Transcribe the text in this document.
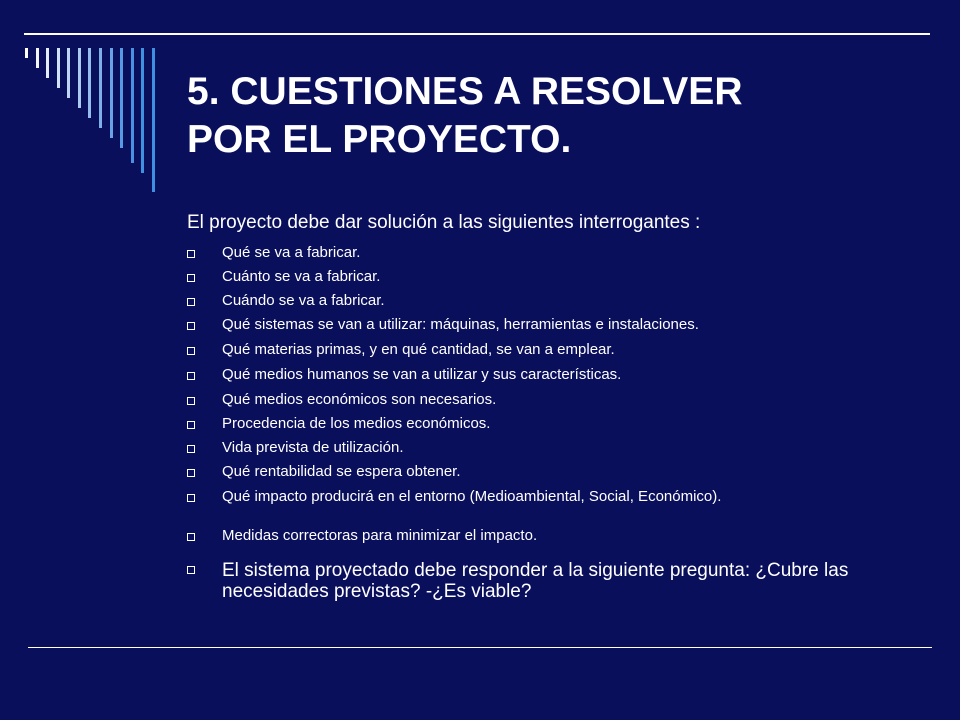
5. CUESTIONES A RESOLVER
POR EL PROYECTO.

El proyecto debe dar solución a las siguientes interrogantes :

Qué se va a fabricar.
Cuánto se va a fabricar.
Cuándo se va a fabricar.
Qué sistemas se van a utilizar: máquinas, herramientas e instalaciones.
Qué materias primas, y en qué cantidad, se van a emplear.
Qué medios humanos se van a utilizar y sus características.
Qué medios económicos son necesarios.
Procedencia de los medios económicos.
Vida prevista de utilización.
Qué rentabilidad se espera obtener.
Qué impacto producirá en el entorno (Medioambiental, Social, Económico).
Medidas correctoras para minimizar el impacto.
El sistema proyectado debe responder a la siguiente pregunta: ¿Cubre las necesidades previstas? -¿Es viable?
